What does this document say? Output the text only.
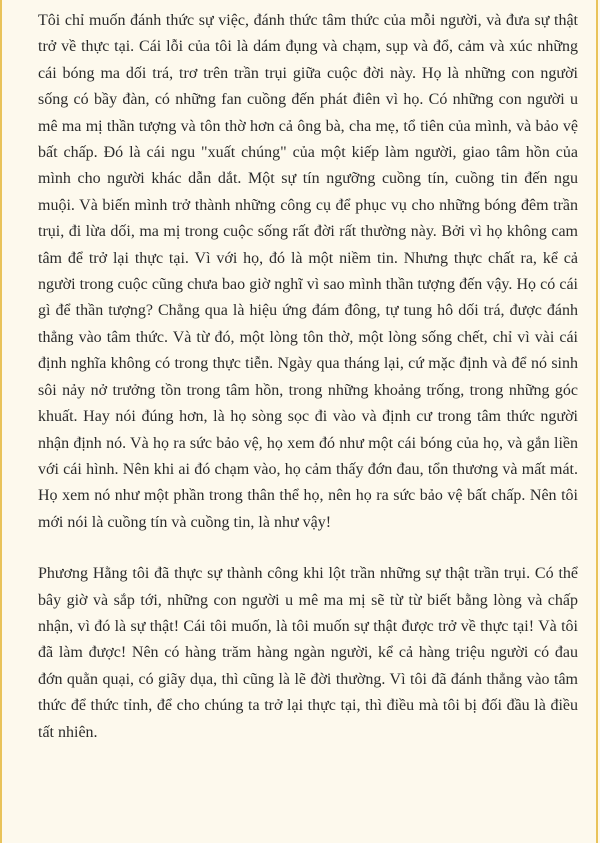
Tôi chỉ muốn đánh thức sự việc, đánh thức tâm thức của mỗi người, và đưa sự thật trở về thực tại. Cái lỗi của tôi là dám đụng và chạm, sụp và đổ, cảm và xúc những cái bóng ma dối trá, trơ trên trần trụi giữa cuộc đời này. Họ là những con người sống có bầy đàn, có những fan cuồng đến phát điên vì họ. Có những con người u mê ma mị thần tượng và tôn thờ hơn cả ông bà, cha mẹ, tổ tiên của mình, và bảo vệ bất chấp. Đó là cái ngu "xuất chúng" của một kiếp làm người, giao tâm hồn của mình cho người khác dẫn dắt. Một sự tín ngưỡng cuồng tín, cuồng tin đến ngu muội. Và biến mình trở thành những công cụ để phục vụ cho những bóng đêm trần trụi, đi lừa dối, ma mị trong cuộc sống rất đời rất thường này. Bởi vì họ không cam tâm để trở lại thực tại. Vì với họ, đó là một niềm tin. Nhưng thực chất ra, kể cả người trong cuộc cũng chưa bao giờ nghĩ vì sao mình thần tượng đến vậy. Họ có cái gì để thần tượng? Chẳng qua là hiệu ứng đám đông, tự tung hô dối trá, được đánh thẳng vào tâm thức. Và từ đó, một lòng tôn thờ, một lòng sống chết, chỉ vì vài cái định nghĩa không có trong thực tiễn. Ngày qua tháng lại, cứ mặc định và để nó sinh sôi nảy nở trưởng tồn trong tâm hồn, trong những khoảng trống, trong những góc khuất. Hay nói đúng hơn, là họ sòng sọc đi vào và định cư trong tâm thức người nhận định nó. Và họ ra sức bảo vệ, họ xem đó như một cái bóng của họ, và gắn liền với cái hình. Nên khi ai đó chạm vào, họ cảm thấy đớn đau, tổn thương và mất mát. Họ xem nó như một phần trong thân thể họ, nên họ ra sức bảo vệ bất chấp. Nên tôi mới nói là cuồng tín và cuồng tin, là như vậy!

Phương Hằng tôi đã thực sự thành công khi lột trần những sự thật trần trụi. Có thể bây giờ và sắp tới, những con người u mê ma mị sẽ từ từ biết bằng lòng và chấp nhận, vì đó là sự thật! Cái tôi muốn, là tôi muốn sự thật được trở về thực tại! Và tôi đã làm được! Nên có hàng trăm hàng ngàn người, kể cả hàng triệu người có đau đớn quằn quại, có giãy dụa, thì cũng là lẽ đời thường. Vì tôi đã đánh thẳng vào tâm thức để thức tỉnh, để cho chúng ta trở lại thực tại, thì điều mà tôi bị đối đầu là điều tất nhiên.
